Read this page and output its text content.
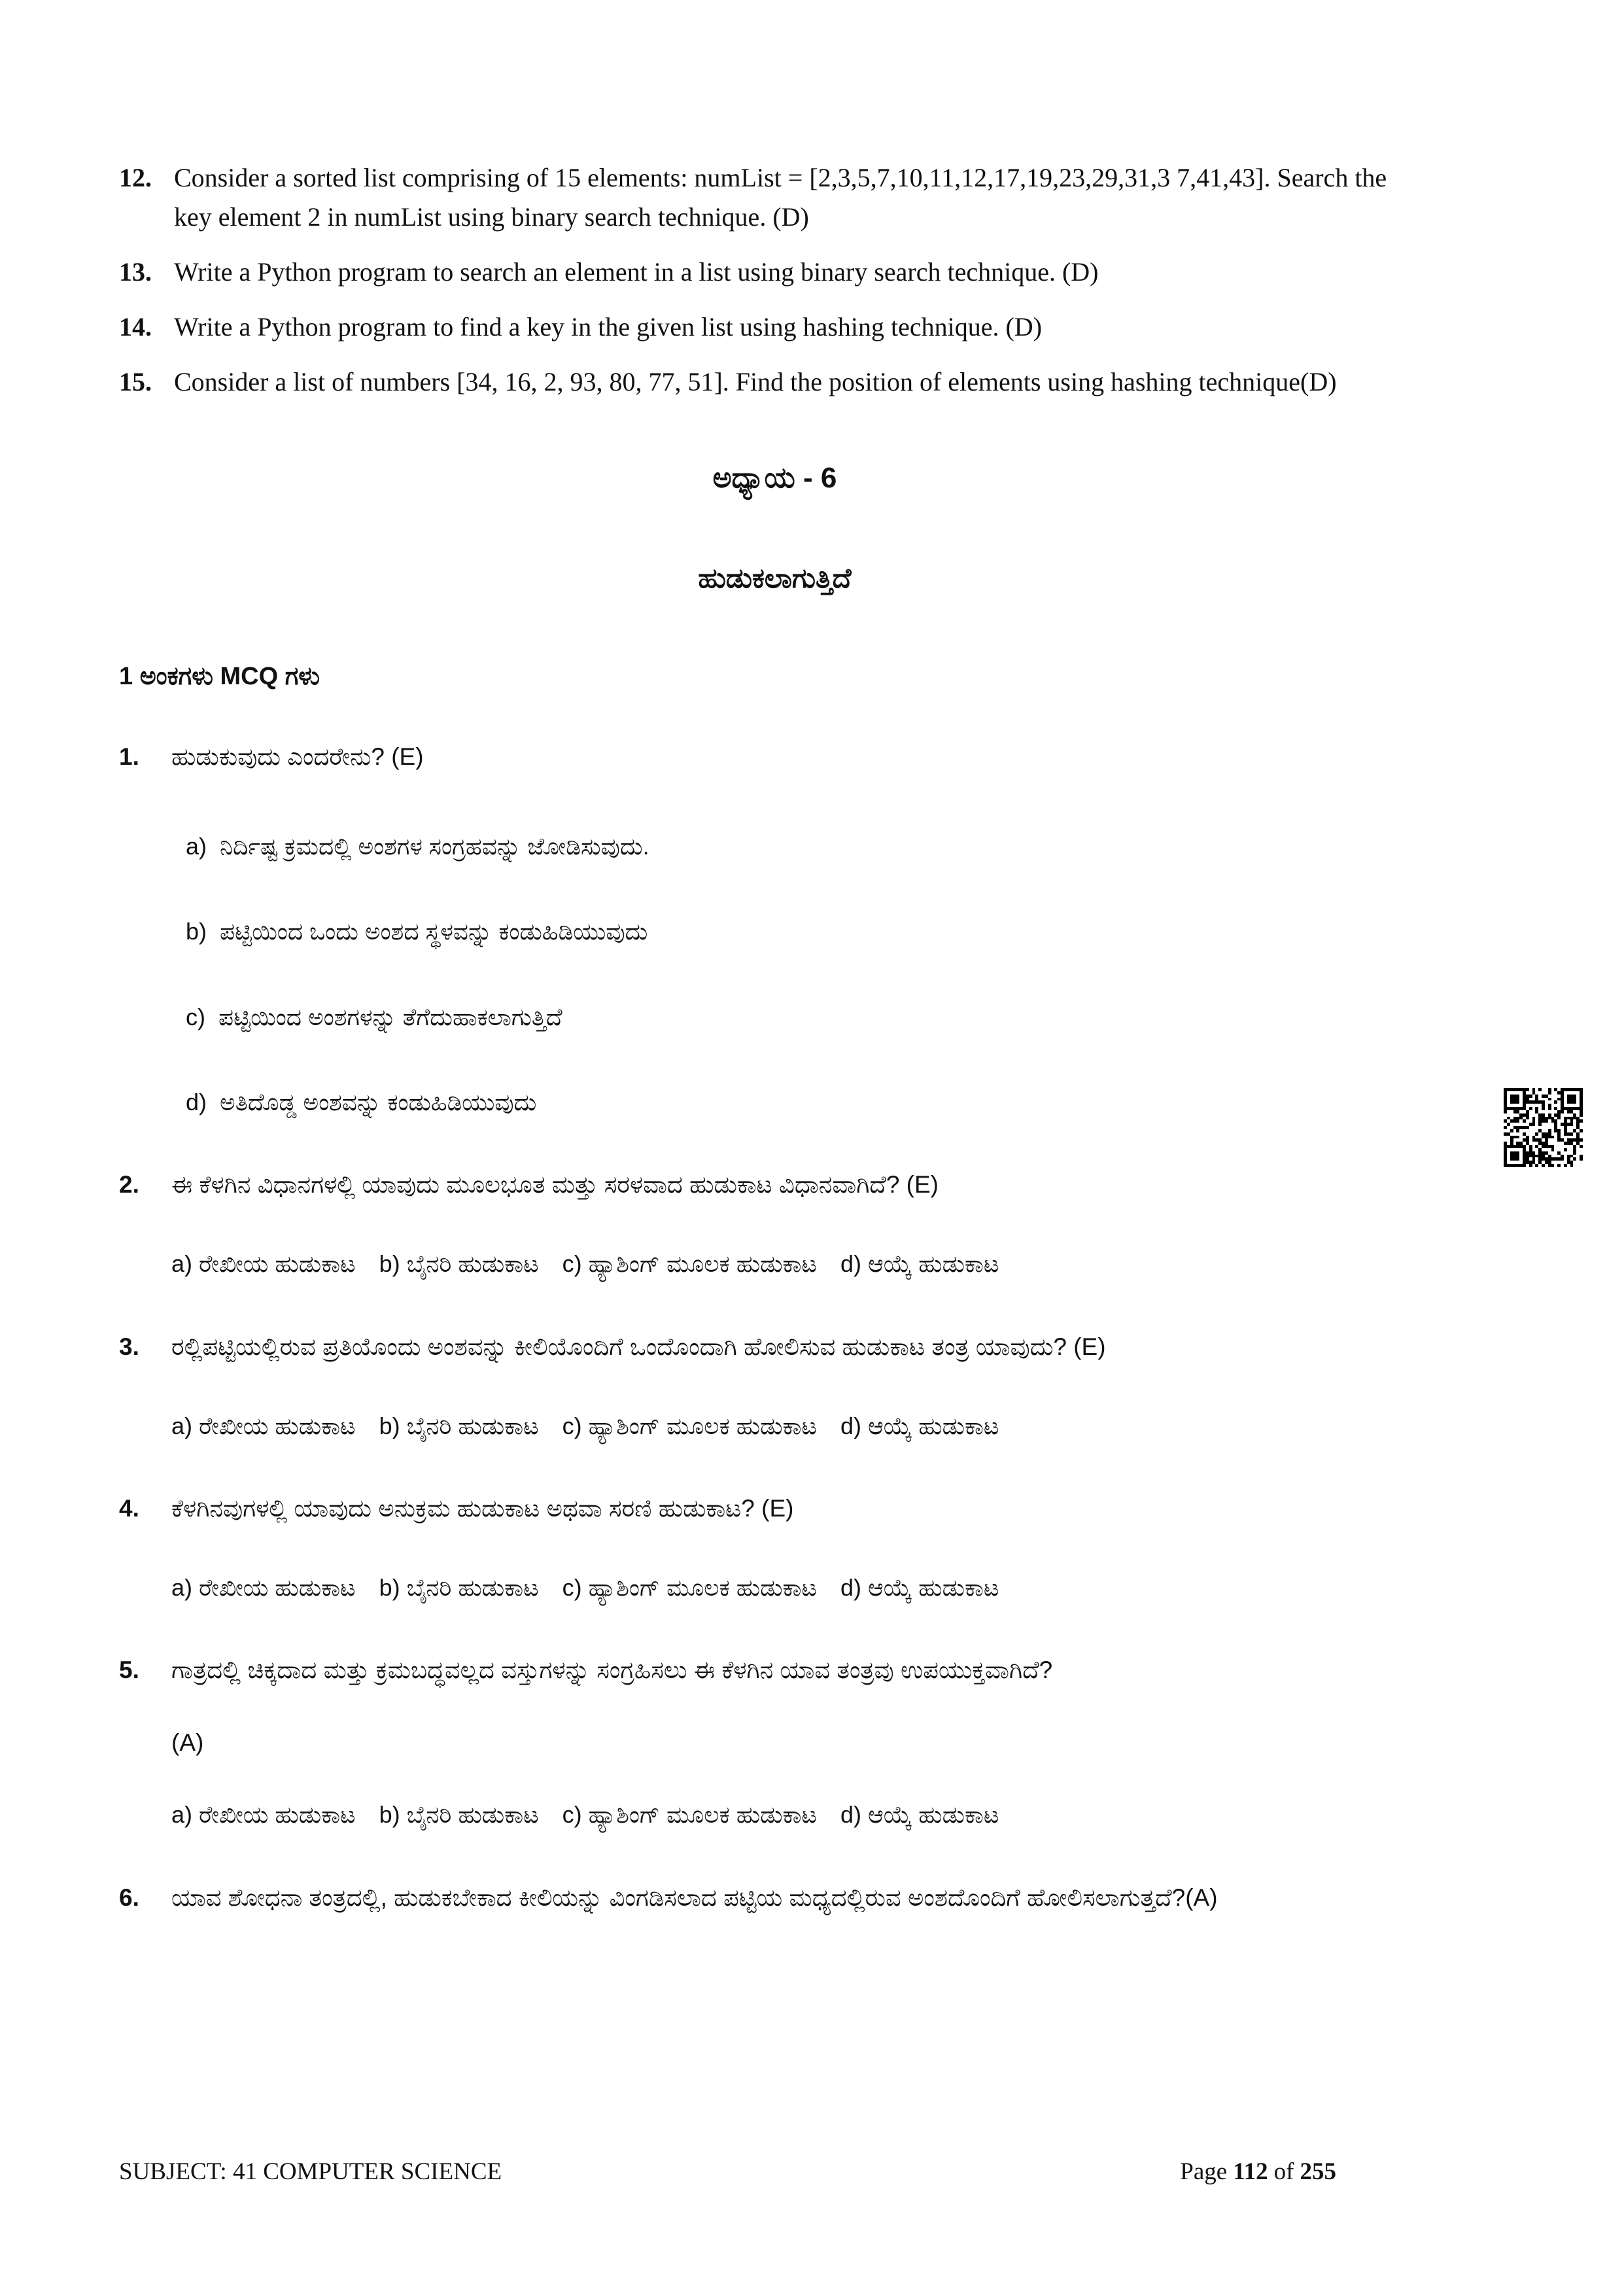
12. Consider a sorted list comprising of 15 elements: numList = [2,3,5,7,10,11,12,17,19,23,29,31,3 7,41,43]. Search the key element 2 in numList using binary search technique. (D)
13. Write a Python program to search an element in a list using binary search technique. (D)
14. Write a Python program to find a key in the given list using hashing technique. (D)
15. Consider a list of numbers [34, 16, 2, 93, 80, 77, 51]. Find the position of elements using hashing technique(D)
ಅಧ್ಯಾಯ - 6
ಹುಡುಕಲಾಗುತ್ತಿದೆ
1 ಅಂಕಗಳು MCQ ಗಳು
1. ಹುಡುಕುವುದು ಎಂದರೇನು? (E)
a) ನಿರ್ದಿಷ್ಟ ಕ್ರಮದಲ್ಲಿ ಅಂಶಗಳ ಸಂಗ್ರಹವನ್ನು ಜೋಡಿಸುವುದು.
b) ಪಟ್ಟಿಯಿಂದ ಒಂದು ಅಂಶದ ಸ್ಥಳವನ್ನು ಕಂಡುಹಿಡಿಯುವುದು
c) ಪಟ್ಟಿಯಿಂದ ಅಂಶಗಳನ್ನು ತೆಗೆದುಹಾಕಲಾಗುತ್ತಿದೆ
d) ಅತಿದೊಡ್ಡ ಅಂಶವನ್ನು ಕಂಡುಹಿಡಿಯುವುದು
2. ಈ ಕೆಳಗಿನ ವಿಧಾನಗಳಲ್ಲಿ ಯಾವುದು ಮೂಲಭೂತ ಮತ್ತು ಸರಳವಾದ ಹುಡುಕಾಟ ವಿಧಾನವಾಗಿದೆ? (E)
a) ರೇಖೀಯ ಹುಡುಕಾಟ b) ಬೈನರಿ ಹುಡುಕಾಟ c) ಹ್ಯಾಶಿಂಗ್ ಮೂಲಕ ಹುಡುಕಾಟ d) ಆಯ್ಕೆ ಹುಡುಕಾಟ
3. ರಲ್ಲಿಪಟ್ಟಿಯಲ್ಲಿರುವ ಪ್ರತಿಯೊಂದು ಅಂಶವನ್ನು ಕೀಲಿಯೊಂದಿಗೆ ಒಂದೊಂದಾಗಿ ಹೋಲಿಸುವ ಹುಡುಕಾಟ ತಂತ್ರ ಯಾವುದು? (E)
a) ರೇಖೀಯ ಹುಡುಕಾಟ b) ಬೈನರಿ ಹುಡುಕಾಟ c) ಹ್ಯಾಶಿಂಗ್ ಮೂಲಕ ಹುಡುಕಾಟ d) ಆಯ್ಕೆ ಹುಡುಕಾಟ
4. ಕೆಳಗಿನವುಗಳಲ್ಲಿ ಯಾವುದು ಅನುಕ್ರಮ ಹುಡುಕಾಟ ಅಥವಾ ಸರಣಿ ಹುಡುಕಾಟ? (E)
a) ರೇಖೀಯ ಹುಡುಕಾಟ b) ಬೈನರಿ ಹುಡುಕಾಟ c) ಹ್ಯಾಶಿಂಗ್ ಮೂಲಕ ಹುಡುಕಾಟ d) ಆಯ್ಕೆ ಹುಡುಕಾಟ
5. ಗಾತ್ರದಲ್ಲಿ ಚಿಕ್ಕದಾದ ಮತ್ತು ಕ್ರಮಬದ್ಧವಲ್ಲದ ವಸ್ತುಗಳನ್ನು ಸಂಗ್ರಹಿಸಲು ಈ ಕೆಳಗಿನ ಯಾವ ತಂತ್ರವು ಉಪಯುಕ್ತವಾಗಿದೆ?
(A)
a) ರೇಖೀಯ ಹುಡುಕಾಟ b) ಬೈನರಿ ಹುಡುಕಾಟ c) ಹ್ಯಾಶಿಂಗ್ ಮೂಲಕ ಹುಡುಕಾಟ d) ಆಯ್ಕೆ ಹುಡುಕಾಟ
6. ಯಾವ ಶೋಧನಾ ತಂತ್ರದಲ್ಲಿ, ಹುಡುಕಬೇಕಾದ ಕೀಲಿಯನ್ನು ವಿಂಗಡಿಸಲಾದ ಪಟ್ಟಿಯ ಮಧ್ಯದಲ್ಲಿರುವ ಅಂಶದೊಂದಿಗೆ ಹೋಲಿಸಲಾಗುತ್ತದೆ?(A)
SUBJECT: 41 COMPUTER SCIENCE	Page 112 of 255
